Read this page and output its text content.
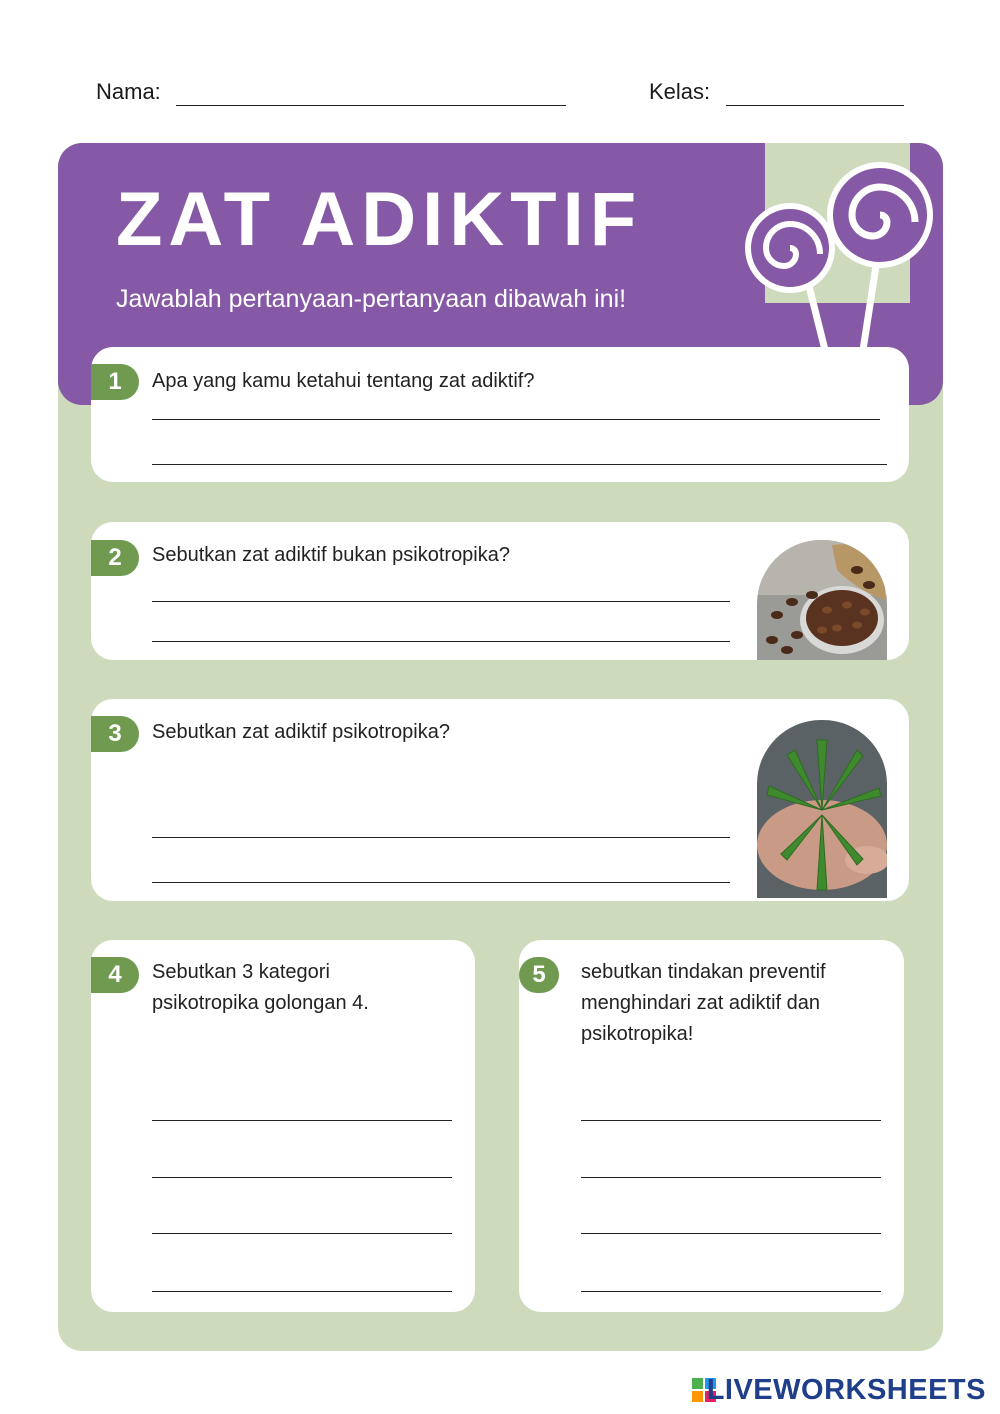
Nama:	Kelas:
ZAT ADIKTIF
Jawablah pertanyaan-pertanyaan dibawah ini!
1	Apa yang kamu ketahui tentang zat adiktif?
2	Sebutkan zat adiktif bukan psikotropika?
3	Sebutkan zat adiktif psikotropika?
4	Sebutkan 3 kategori
psikotropika golongan 4.
5	sebutkan tindakan preventif
menghindari zat adiktif dan
psikotropika!
LIVEWORKSHEETS
